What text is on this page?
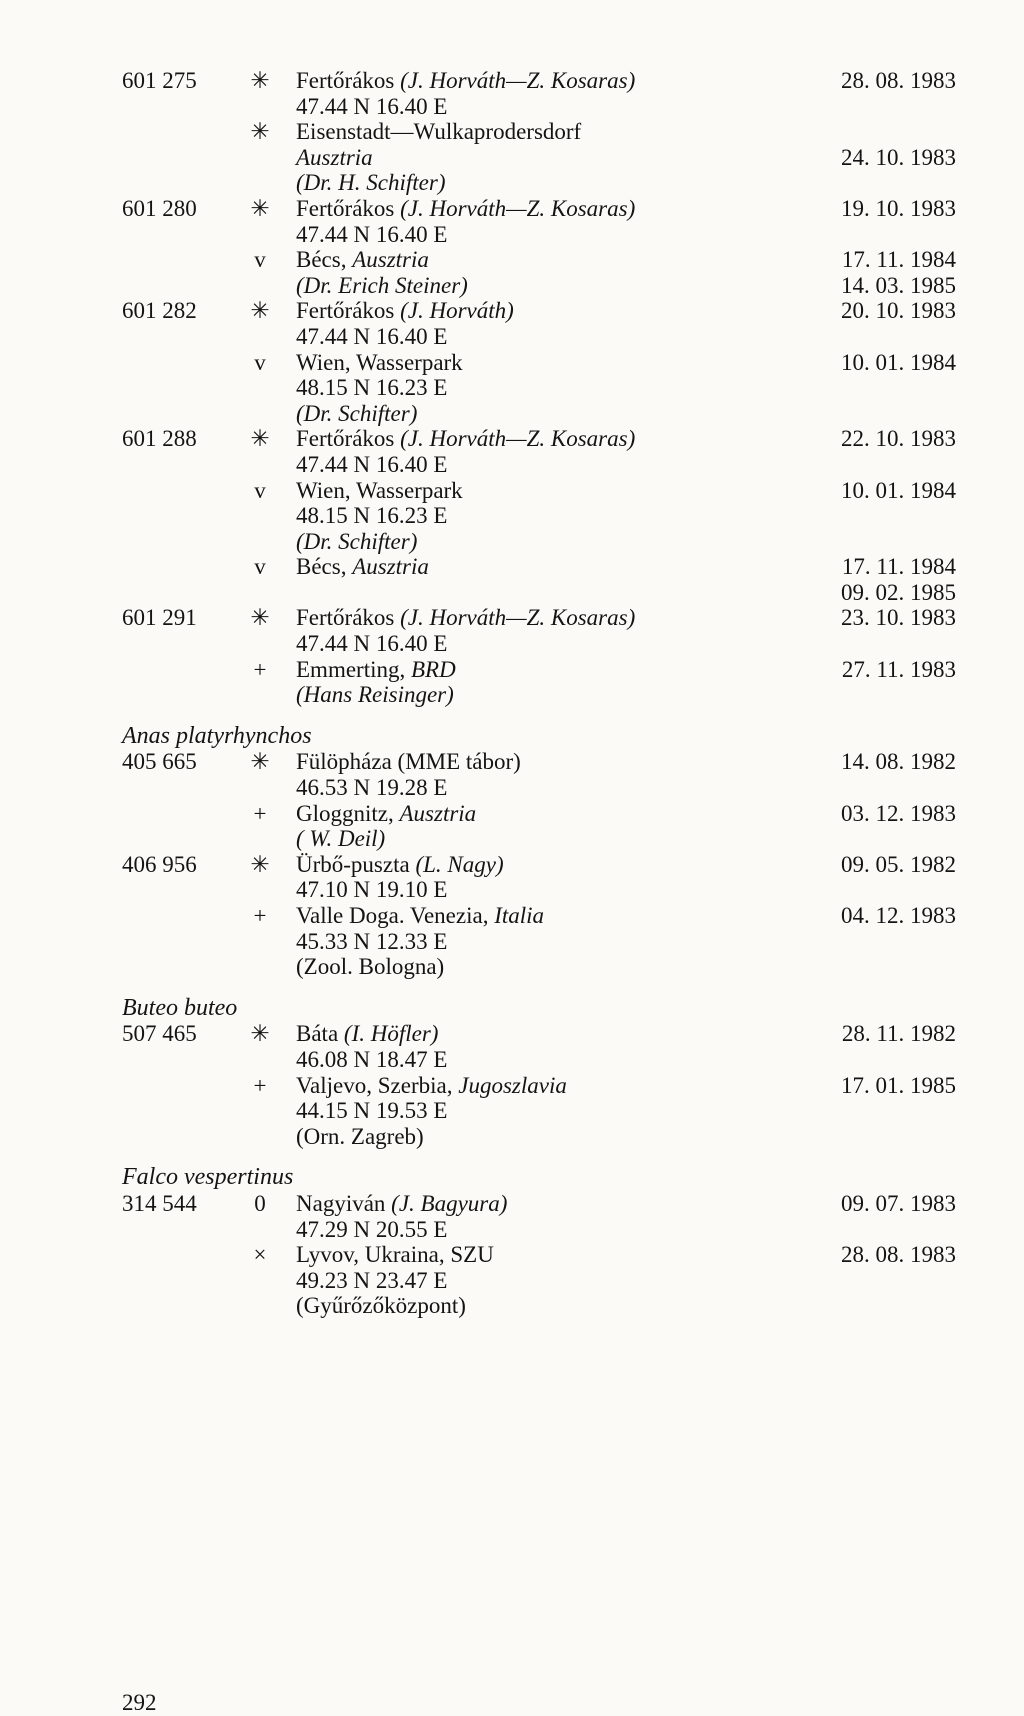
601 275 ✳ Fertőrákos (J. Horváth—Z. Kosaras)	28. 08. 1983
47.44 N 16.40 E
✳ Eisenstadt—Wulkaprodersdorf
Ausztria	24. 10. 1983
(Dr. H. Schifter)
601 280 ✳ Fertőrákos (J. Horváth—Z. Kosaras)	19. 10. 1983
47.44 N 16.40 E
v	Bécs, Ausztria	17. 11. 1984
(Dr. Erich Steiner)	14. 03. 1985
601 282 ✳ Fertőrákos (J. Horváth)	20. 10. 1983
47.44 N 16.40 E
v	Wien, Wasserpark	10. 01. 1984
48.15 N 16.23 E
(Dr. Schifter)
601 288 ✳ Fertőrákos (J. Horváth—Z. Kosaras)	22. 10. 1983
47.44 N 16.40 E
v	Wien, Wasserpark	10. 01. 1984
48.15 N 16.23 E
(Dr. Schifter)
v	Bécs, Ausztria	17. 11. 1984
09. 02. 1985
601 291 ✳ Fertőrákos (J. Horváth—Z. Kosaras)	23. 10. 1983
47.44 N 16.40 E
+	Emmerting, BRD	27. 11. 1983
(Hans Reisinger)
Anas platyrhynchos
405 665 ✳ Fülöpháza (MME tábor)	14. 08. 1982
46.53 N 19.28 E
+	Gloggnitz, Ausztria	03. 12. 1983
( W. Deil)
406 956 ✳ Ürbő-puszta (L. Nagy)	09. 05. 1982
47.10 N 19.10 E
+	Valle Doga. Venezia, Italia	04. 12. 1983
45.33 N 12.33 E
(Zool. Bologna)
Buteo buteo
507 465 ✳ Báta (I. Höfler)	28. 11. 1982
46.08 N 18.47 E
+	Valjevo, Szerbia, Jugoszlavia	17. 01. 1985
44.15 N 19.53 E
(Orn. Zagreb)
Falco vespertinus
314 544	0	Nagyiván (J. Bagyura)	09. 07. 1983
47.29 N 20.55 E
×	Lyvov, Ukraina, SZU	28. 08. 1983
49.23 N 23.47 E
(Gyűrőzőközpont)
292
